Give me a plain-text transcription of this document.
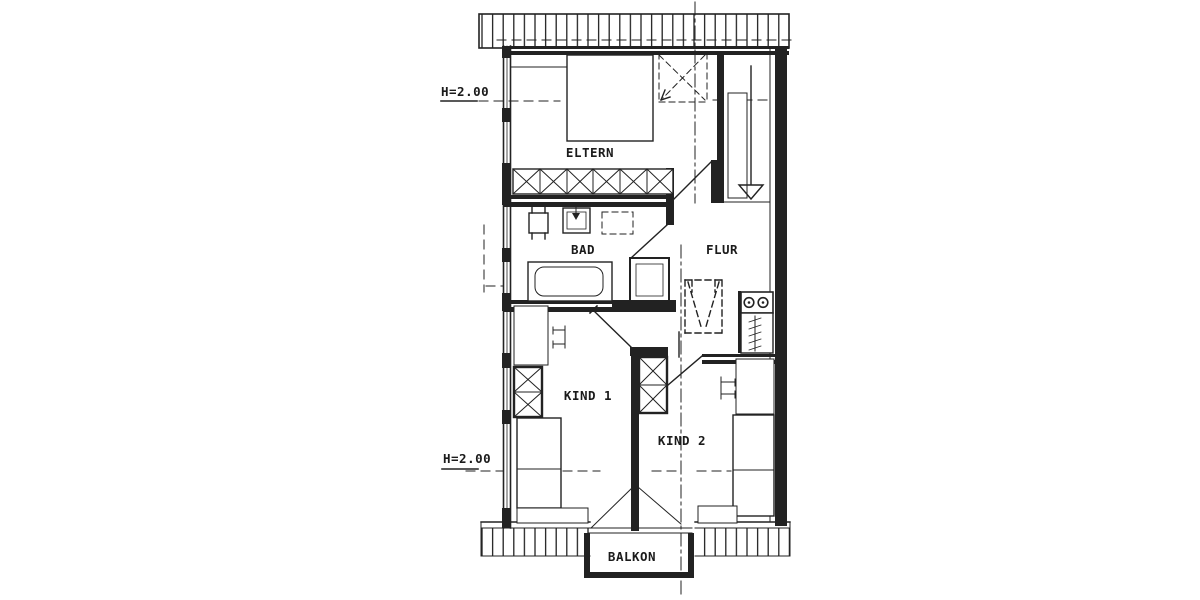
ELTERN
BAD	FLUR
KIND 1
KIND 2
BALKON
H=2.00
H=2.00
